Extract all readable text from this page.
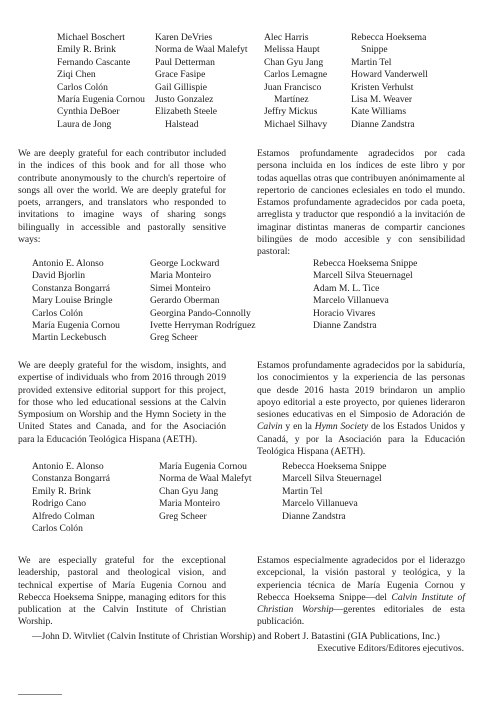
Michael Boschert
Emily R. Brink
Fernando Cascante
Ziqi Chen
Carlos Colón
María Eugenia Cornou
Cynthia DeBoer
Laura de Jong
Karen DeVries
Norma de Waal Malefyt
Paul Detterman
Grace Fasipe
Gail Gillispie
Justo Gonzalez
Elizabeth Steele
Halstead
Alec Harris
Melissa Haupt
Chan Gyu Jang
Carlos Lemagne
Juan Francisco
Martínez
Jeffry Mickus
Michael Silhavy
Rebecca Hoeksema
Snippe
Martin Tel
Howard Vanderwell
Kristen Verhulst
Lisa M. Weaver
Kate Williams
Dianne Zandstra

We are deeply grateful for each contributor included in the indices of this book and for all those who contribute anonymously to the church's repertoire of songs all over the world. We are deeply grateful for poets, arrangers, and translators who responded to invitations to imagine ways of sharing songs bilingually in accessible and pastorally sensitive ways:

Estamos profundamente agradecidos por cada persona incluida en los índices de este libro y por todas aquellas otras que contribuyen anónimamente al repertorio de canciones eclesiales en todo el mundo. Estamos profundamente agradecidos por cada poeta, arreglista y traductor que respondió a la invitación de imaginar distintas maneras de compartir canciones bilingües de modo accesible y con sensibilidad pastoral:

Antonio E. Alonso
David Bjorlin
Constanza Bongarrá
Mary Louise Bringle
Carlos Colón
María Eugenia Cornou
Martin Leckebusch
George Lockward
Maria Monteiro
Simei Monteiro
Gerardo Oberman
Georgina Pando-Connolly
Ivette Herryman Rodríguez
Greg Scheer
Rebecca Hoeksema Snippe
Marcell Silva Steuernagel
Adam M. L. Tice
Marcelo Villanueva
Horacio Vivares
Dianne Zandstra

We are deeply grateful for the wisdom, insights, and expertise of individuals who from 2016 through 2019 provided extensive editorial support for this project, for those who led educational sessions at the Calvin Symposium on Worship and the Hymn Society in the United States and Canada, and for the Asociación para la Educación Teológica Hispana (AETH).

Estamos profundamente agradecidos por la sabiduría, los conocimientos y la experiencia de las personas que desde 2016 hasta 2019 brindaron un amplio apoyo editorial a este proyecto, por quienes lideraron sesiones educativas en el Simposio de Adoración de Calvin y en la Hymn Society de los Estados Unidos y Canadá, y por la Asociación para la Educación Teológica Hispana (AETH).

Antonio E. Alonso
Constanza Bongarrá
Emily R. Brink
Rodrigo Cano
Alfredo Colman
Carlos Colón
María Eugenia Cornou
Norma de Waal Malefyt
Chan Gyu Jang
Maria Monteiro
Greg Scheer
Rebecca Hoeksema Snippe
Marcell Silva Steuernagel
Martin Tel
Marcelo Villanueva
Dianne Zandstra

We are especially grateful for the exceptional leadership, pastoral and theological vision, and technical expertise of María Eugenia Cornou and Rebecca Hoeksema Snippe, managing editors for this publication at the Calvin Institute of Christian Worship.

Estamos especialmente agradecidos por el liderazgo excepcional, la visión pastoral y teológica, y la experiencia técnica de María Eugenia Cornou y Rebecca Hoeksema Snippe—del Calvin Institute of Christian Worship—gerentes editoriales de esta publicación.

—John D. Witvliet (Calvin Institute of Christian Worship) and Robert J. Batastini (GIA Publications, Inc.)
Executive Editors/Editores ejecutivos.
